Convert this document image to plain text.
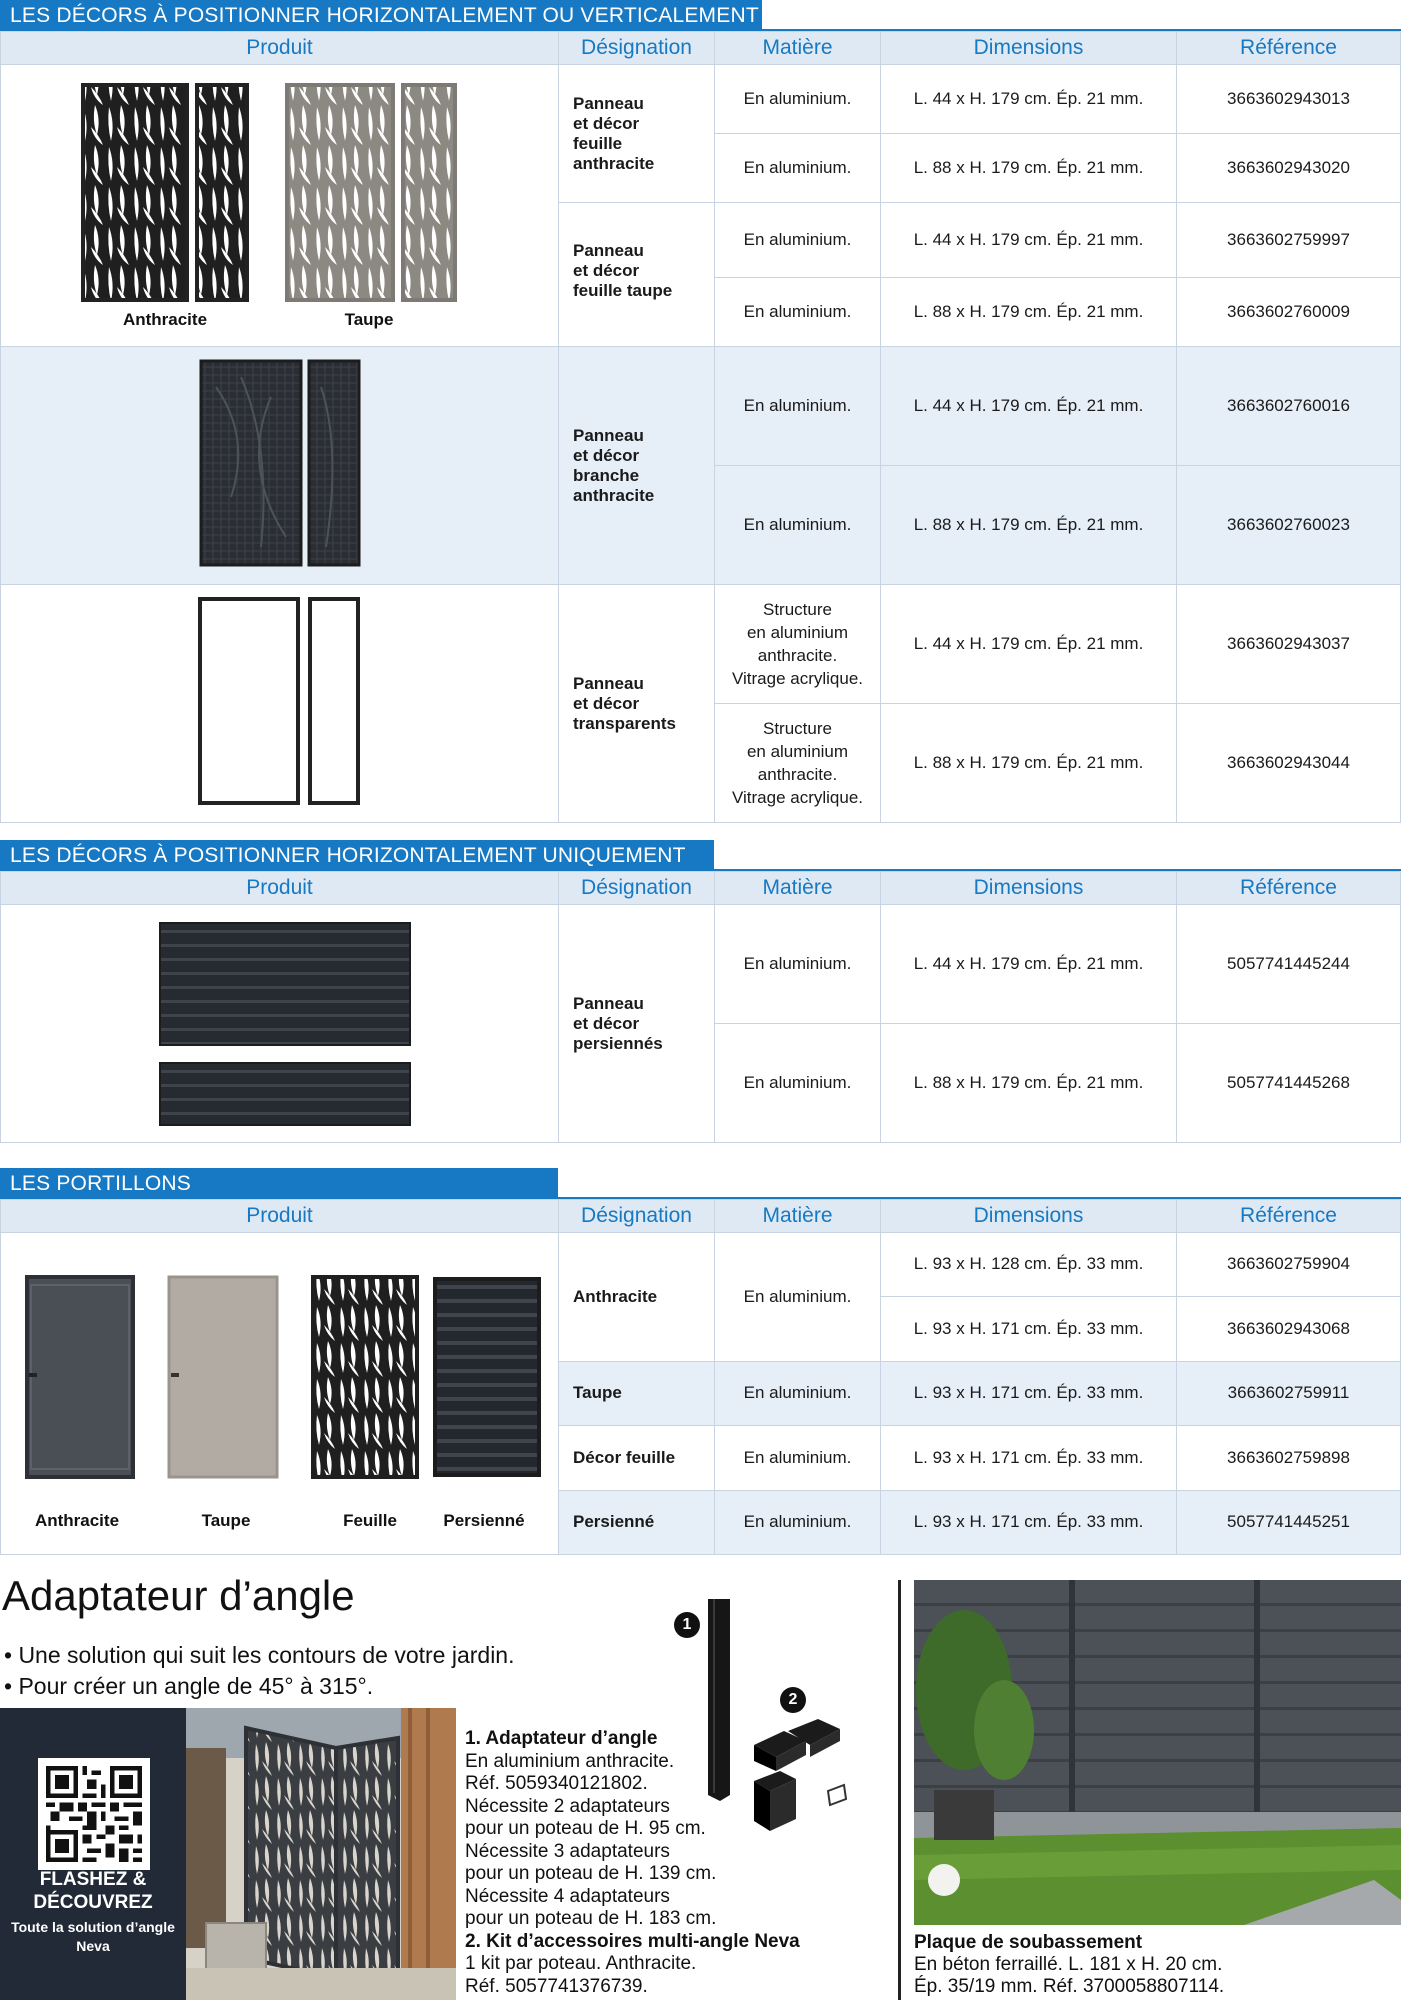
LES DÉCORS À POSITIONNER HORIZONTALEMENT OU VERTICALEMENT
Produit	Désignation	Matière	Dimensions	Référence

Anthracite Taupe	Panneau
et décor
feuille
anthracite	En aluminium.	L. 44 x H. 179 cm. Ép. 21 mm.	3663602943013
		En aluminium.	L. 88 x H. 179 cm. Ép. 21 mm.	3663602943020

	Panneau
et décor
feuille taupe	En aluminium.	L. 44 x H. 179 cm. Ép. 21 mm.	3663602759997
		En aluminium.	L. 88 x H. 179 cm. Ép. 21 mm.	3663602760009

Panneau
et décor
branche
anthracite	En aluminium.	L. 44 x H. 179 cm. Ép. 21 mm.	3663602760016
		En aluminium.	L. 88 x H. 179 cm. Ép. 21 mm.	3663602760023

Panneau
et décor
transparents	Structure
en aluminium
anthracite.
Vitrage acrylique.	L. 44 x H. 179 cm. Ép. 21 mm.	3663602943037

		Structure
en aluminium
anthracite.
Vitrage acrylique.	L. 88 x H. 179 cm. Ép. 21 mm.	3663602943044
LES DÉCORS À POSITIONNER HORIZONTALEMENT UNIQUEMENT
Produit	Désignation	Matière	Dimensions	Référence

Panneau
et décor
persiennés	En aluminium.	L. 44 x H. 179 cm. Ép. 21 mm.	5057741445244
		En aluminium.	L. 88 x H. 179 cm. Ép. 21 mm.	5057741445268
LES PORTILLONS
Produit	Désignation	Matière	Dimensions	Référence

Anthracite Taupe Feuille Persienné	Anthracite	En aluminium.	L. 93 x H. 128 cm. Ép. 33 mm.	3663602759904
			L. 93 x H. 171 cm. Ép. 33 mm.	3663602943068
	Taupe	En aluminium.	L. 93 x H. 171 cm. Ép. 33 mm.	3663602759911
	Décor feuille	En aluminium.	L. 93 x H. 171 cm. Ép. 33 mm.	3663602759898
	Persienné	En aluminium.	L. 93 x H. 171 cm. Ép. 33 mm.	5057741445251
Adaptateur d’angle
• Une solution qui suit les contours de votre jardin.
• Pour créer un angle de 45° à 315°.
FLASHEZ & DÉCOUVREZ
Toute la solution d’angle Neva
1
2
1. Adaptateur d’angle
En aluminium anthracite.
Réf. 5059340121802.
Nécessite 2 adaptateurs
pour un poteau de H. 95 cm.
Nécessite 3 adaptateurs
pour un poteau de H. 139 cm.
Nécessite 4 adaptateurs
pour un poteau de H. 183 cm.
2. Kit d’accessoires multi-angle Neva
1 kit par poteau. Anthracite.
Réf. 5057741376739.
Plaque de soubassement
En béton ferraillé. L. 181 x H. 20 cm.
Ép. 35/19 mm. Réf. 3700058807114.
